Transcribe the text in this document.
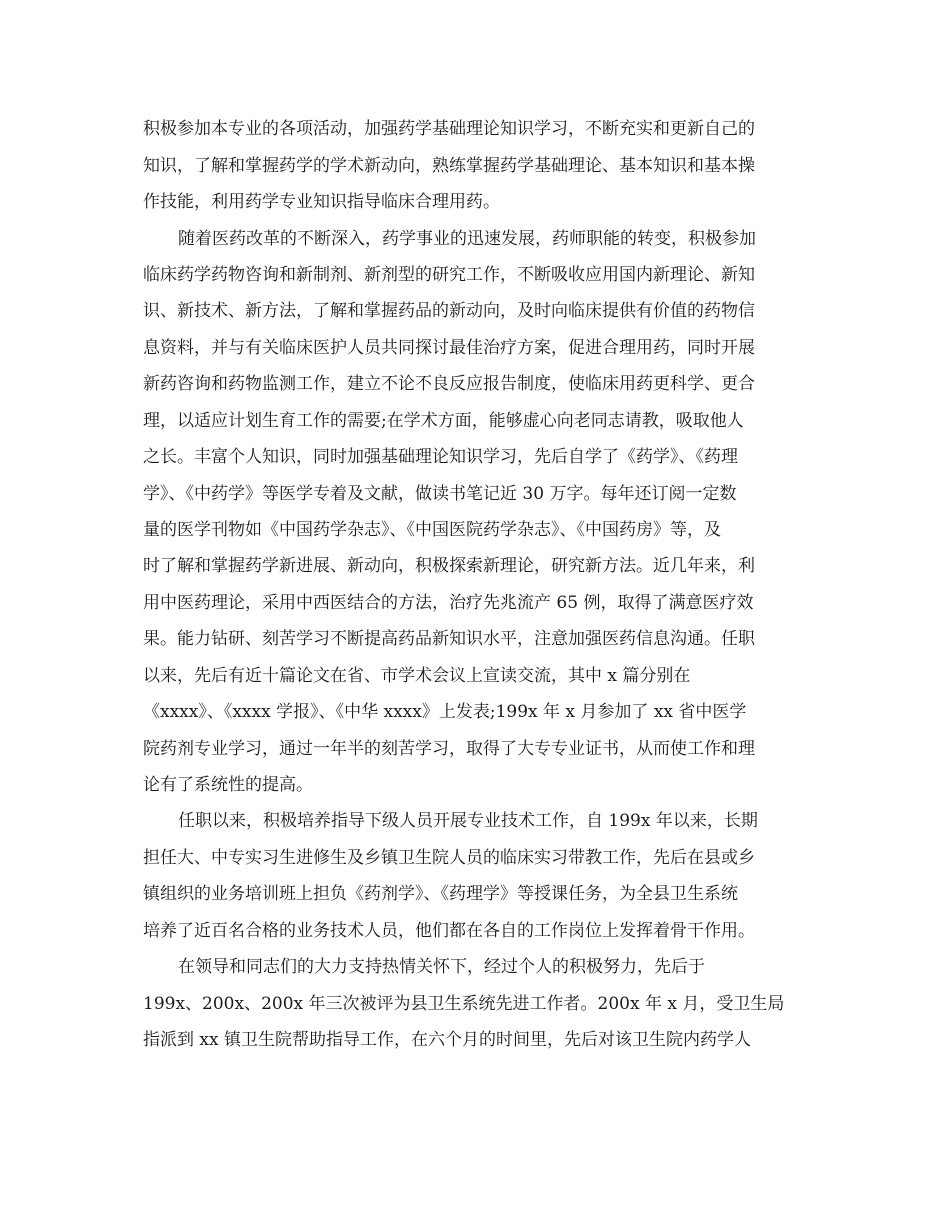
积极参加本专业的各项活动，加强药学基础理论知识学习，不断充实和更新自己的

知识，了解和掌握药学的学术新动向，熟练掌握药学基础理论、基本知识和基本操

作技能，利用药学专业知识指导临床合理用药。

随着医药改革的不断深入，药学事业的迅速发展，药师职能的转变，积极参加

临床药学药物咨询和新制剂、新剂型的研究工作，不断吸收应用国内新理论、新知

识、新技术、新方法，了解和掌握药品的新动向，及时向临床提供有价值的药物信

息资料，并与有关临床医护人员共同探讨最佳治疗方案，促进合理用药，同时开展

新药咨询和药物监测工作，建立不论不良反应报告制度，使临床用药更科学、更合

理，以适应计划生育工作的需要;在学术方面，能够虚心向老同志请教，吸取他人

之长。丰富个人知识，同时加强基础理论知识学习，先后自学了《药学》、《药理

学》、《中药学》等医学专着及文献，做读书笔记近 30 万字。每年还订阅一定数

量的医学刊物如《中国药学杂志》、《中国医院药学杂志》、《中国药房》等，及

时了解和掌握药学新进展、新动向，积极探索新理论，研究新方法。近几年来，利

用中医药理论，采用中西医结合的方法，治疗先兆流产 65 例，取得了满意医疗效

果。能力钻研、刻苦学习不断提高药品新知识水平，注意加强医药信息沟通。任职

以来，先后有近十篇论文在省、市学术会议上宣读交流，其中 x 篇分别在

《xxxx》、《xxxx 学报》、《中华 xxxx》上发表;199x 年 x 月参加了 xx 省中医学

院药剂专业学习，通过一年半的刻苦学习，取得了大专专业证书，从而使工作和理

论有了系统性的提高。

任职以来，积极培养指导下级人员开展专业技术工作，自 199x 年以来，长期

担任大、中专实习生进修生及乡镇卫生院人员的临床实习带教工作，先后在县或乡

镇组织的业务培训班上担负《药剂学》、《药理学》等授课任务，为全县卫生系统

培养了近百名合格的业务技术人员，他们都在各自的工作岗位上发挥着骨干作用。

在领导和同志们的大力支持热情关怀下，经过个人的积极努力，先后于

199x、200x、200x 年三次被评为县卫生系统先进工作者。200x 年 x 月，受卫生局

指派到 xx 镇卫生院帮助指导工作，在六个月的时间里，先后对该卫生院内药学人
